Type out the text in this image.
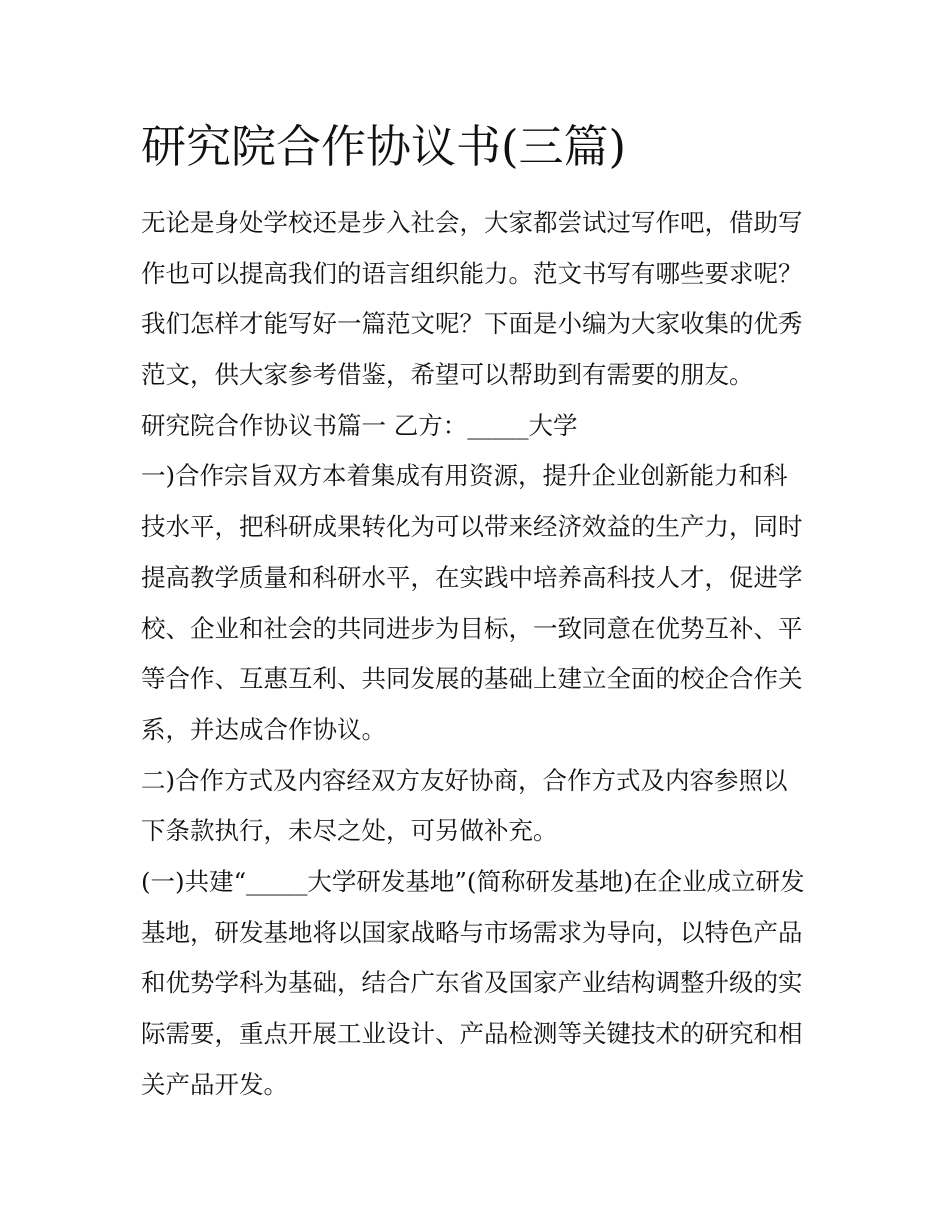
研究院合作协议书(三篇)
无论是身处学校还是步入社会，大家都尝试过写作吧，借助写
作也可以提高我们的语言组织能力。范文书写有哪些要求呢？
我们怎样才能写好一篇范文呢？下面是小编为大家收集的优秀
范文，供大家参考借鉴，希望可以帮助到有需要的朋友。
研究院合作协议书篇一 乙方：_____大学
一)合作宗旨双方本着集成有用资源，提升企业创新能力和科
技水平，把科研成果转化为可以带来经济效益的生产力，同时
提高教学质量和科研水平，在实践中培养高科技人才，促进学
校、企业和社会的共同进步为目标，一致同意在优势互补、平
等合作、互惠互利、共同发展的基础上建立全面的校企合作关
系，并达成合作协议。
二)合作方式及内容经双方友好协商，合作方式及内容参照以
下条款执行，未尽之处，可另做补充。
(一)共建“_____大学研发基地”(简称研发基地)在企业成立研发
基地，研发基地将以国家战略与市场需求为导向，以特色产品
和优势学科为基础，结合广东省及国家产业结构调整升级的实
际需要，重点开展工业设计、产品检测等关键技术的研究和相
关产品开发。
